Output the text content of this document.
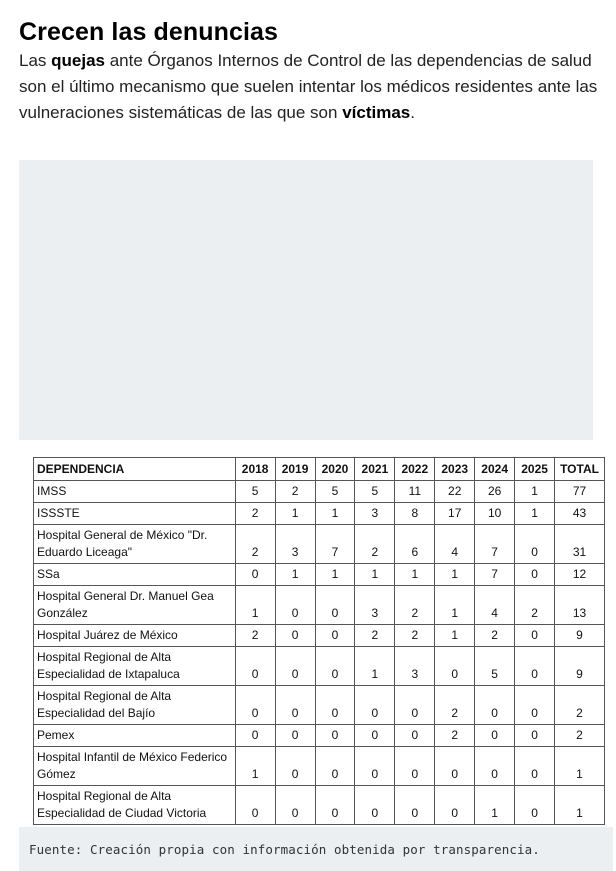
Crecen las denuncias

Las quejas ante Órganos Internos de Control de las dependencias de salud son el último mecanismo que suelen intentar los médicos residentes ante las vulneraciones sistemáticas de las que son víctimas.

DEPENDENCIA	2018	2019	2020	2021	2022	2023	2024	2025	TOTAL
IMSS	5	2	5	5	11	22	26	1	77
ISSSTE	2	1	1	3	8	17	10	1	43
Hospital General de México "Dr. Eduardo Liceaga"	2	3	7	2	6	4	7	0	31
SSa	0	1	1	1	1	1	7	0	12
Hospital General Dr. Manuel Gea González	1	0	0	3	2	1	4	2	13
Hospital Juárez de México	2	0	0	2	2	1	2	0	9
Hospital Regional de Alta Especialidad de Ixtapaluca	0	0	0	1	3	0	5	0	9
Hospital Regional de Alta Especialidad del Bajío	0	0	0	0	0	2	0	0	2
Pemex	0	0	0	0	0	2	0	0	2
Hospital Infantil de México Federico Gómez	1	0	0	0	0	0	0	0	1
Hospital Regional de Alta Especialidad de Ciudad Victoria	0	0	0	0	0	0	1	0	1
Fuente: Creación propia con información obtenida por transparencia.
